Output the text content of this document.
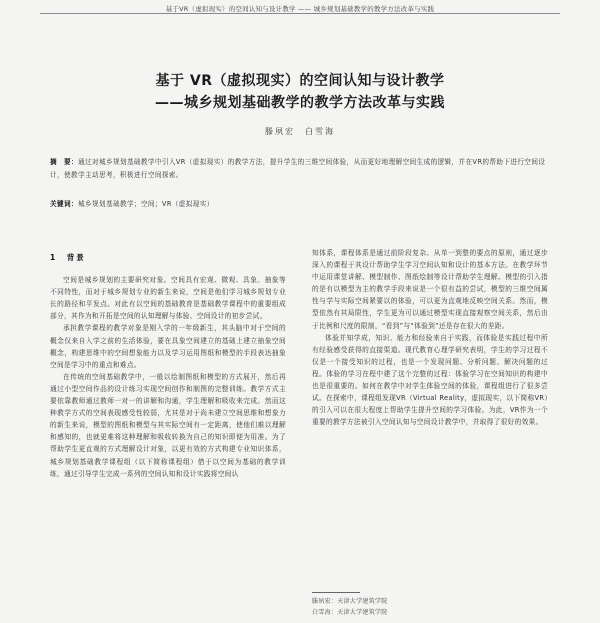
基于VR（虚拟现实）的空间认知与设计教学 —— 城乡规划基础教学的教学方法改革与实践
基于 VR（虚拟现实）的空间认知与设计教学
——城乡规划基础教学的教学方法改革与实践
滕夙宏　白雪海
摘　要：通过对城乡规划基础教学中引入VR（虚拟现实）的教学方法，提升学生的三维空间体验，从而更好地理解空间生成的逻辑，并在VR的帮助下进行空间设计，使教学主动思考，积极进行空间探索。
关键词：城乡规划基础教学；空间；VR（虚拟现实）
1　背景

空间是城乡规划的主要研究对象。空间具有宏观、微观、具象、抽象等不同特性，而对于城乡规划专业的新生来说，空间是他们学习城乡规划专业长的路径和平发点。对此有以空间的基础教育是基础教学课程中的重要组成部分，其作为和开拓是空间的认知理解与体验、空间设计的初步尝试。

承担教学课程的教学对象是刚入学的一年级新生，其头脑中对于空间的概念仅来自入学之前的生活体验，要在具象空间建立的基础上建立抽象空间概念，构建思维中的空间想象能力以及学习运用图纸和模型的手段表达抽象空间是学习中的重点和难点。

在传统的空间基础教学中，一般以绘制图纸和模型的方式展开，然后再通过小型空间作品的设计练习实现空间创作和制图的完整训练。教学方式主要依靠教师通过教师一对一的讲解和沟通，学生理解和吸收来完成。然而这种教学方式的空间表现感受性较弱，尤其是对于尚未建立空间思维和想象力的新生来说，模型的图纸和模型与其实际空间有一定距离，使他们难以理解和感知的，也就更难将这种理解和吸收转换为自己的知识即便为用准。为了帮助学生更直观的方式理解设计对象，以更有效的方式构建专业知识体系，城乡规划基础教学课程组（以下简称课程组）借于以空间为基础的教学训练，通过引导学生完成一系列的空间认知和设计实践将空间认

知体系，课程体系是通过前阶段复杂、从单一到整的要点的原则，通过逐步深入的课程于其设计帮助学生学习空间认知和设计的基本方法。在教学环节中运用课堂讲解、模型制作、图纸绘制等设计帮助学生理解。模型的引入指的是有以模型为主的教学手段来说是一个很有益的尝试，模型的三维空间属性与学与实际空间紧要以的体验，可以更为直观地反映空间关系。然而，模型依然有其局限性，学生更为可以通过模型实现直接观察空间关系，然后由于比例和尺度的限制，“看到”与“体验到”还是存在很大的差距。

体验并知学成，知识、能力和经验来自于实践，而体验是实践过程中所有经验感受获得的直接渠道。现代教育心理学研究表明，学生的学习过程不仅是一个接受知识的过程，也是一个发现问题、分析问题、解决问题的过程。体验的学习在程中建了这个完整的过程：体验学习在空间知识的构建中也是很重要的。如何在教学中对学生体验空间的体验，课程组进行了很多尝试。在探索中，课程组发现VR（Virtual Reality，虚拟现实，以下简称VR）的引入可以在很大程度上帮助学生提升空间的学习体验。为此，VR作为一个重要的教学方法被引入空间认知与空间设计教学中，并取得了很好的效果。

滕夙宏：天津大学建筑学院
白雪海：天津大学建筑学院
